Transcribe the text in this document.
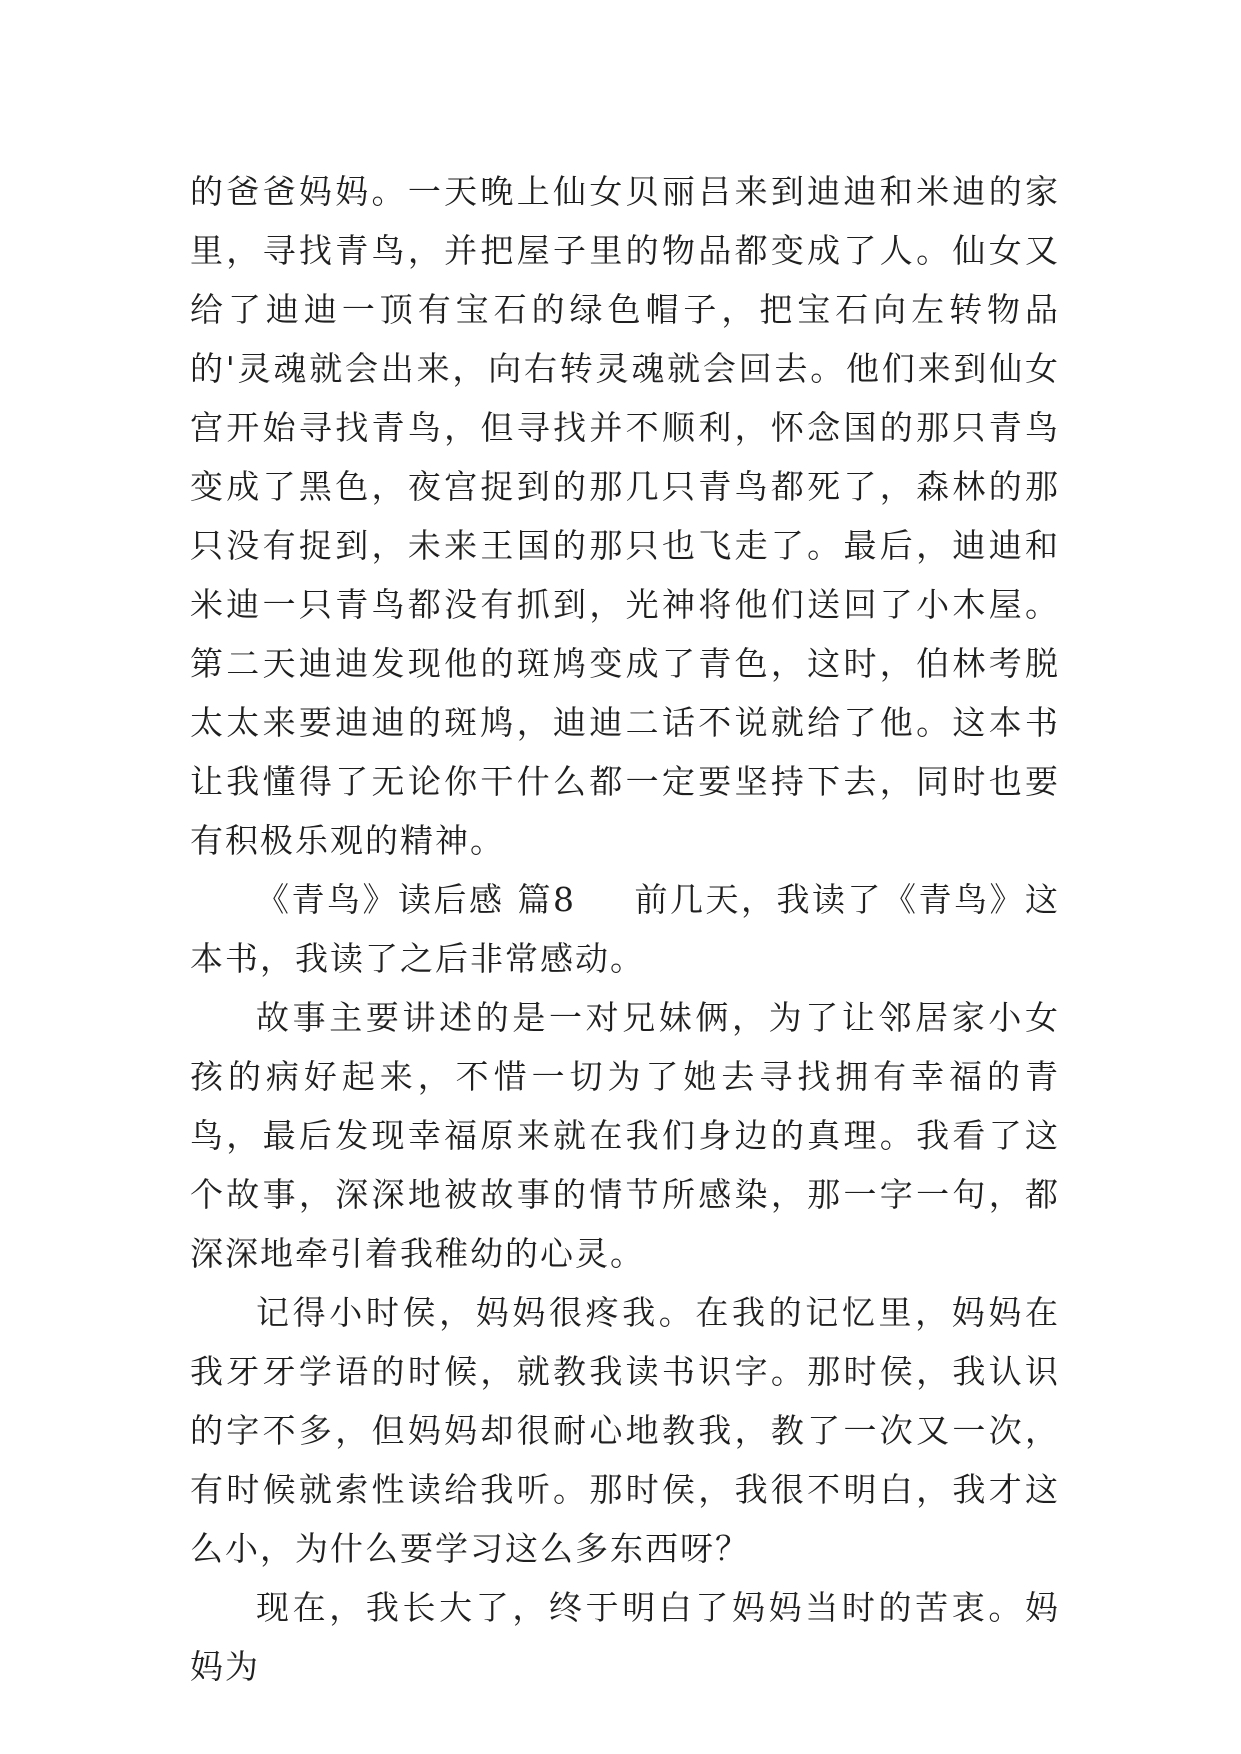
的爸爸妈妈。一天晚上仙女贝丽吕来到迪迪和米迪的家里，寻找青鸟，并把屋子里的物品都变成了人。仙女又给了迪迪一顶有宝石的绿色帽子，把宝石向左转物品的'灵魂就会出来，向右转灵魂就会回去。他们来到仙女宫开始寻找青鸟，但寻找并不顺利，怀念国的那只青鸟变成了黑色，夜宫捉到的那几只青鸟都死了，森林的那只没有捉到，未来王国的那只也飞走了。最后，迪迪和米迪一只青鸟都没有抓到，光神将他们送回了小木屋。第二天迪迪发现他的斑鸠变成了青色，这时，伯林考脱太太来要迪迪的斑鸠，迪迪二话不说就给了他。这本书让我懂得了无论你干什么都一定要坚持下去，同时也要有积极乐观的精神。

《青鸟》读后感 篇8 前几天，我读了《青鸟》这本书，我读了之后非常感动。

故事主要讲述的是一对兄妹俩，为了让邻居家小女孩的病好起来，不惜一切为了她去寻找拥有幸福的青鸟，最后发现幸福原来就在我们身边的真理。我看了这个故事，深深地被故事的情节所感染，那一字一句，都深深地牵引着我稚幼的心灵。

记得小时侯，妈妈很疼我。在我的记忆里，妈妈在我牙牙学语的时候，就教我读书识字。那时侯，我认识的字不多，但妈妈却很耐心地教我，教了一次又一次，有时候就索性读给我听。那时侯，我很不明白，我才这么小，为什么要学习这么多东西呀？

现在，我长大了，终于明白了妈妈当时的苦衷。妈妈为
